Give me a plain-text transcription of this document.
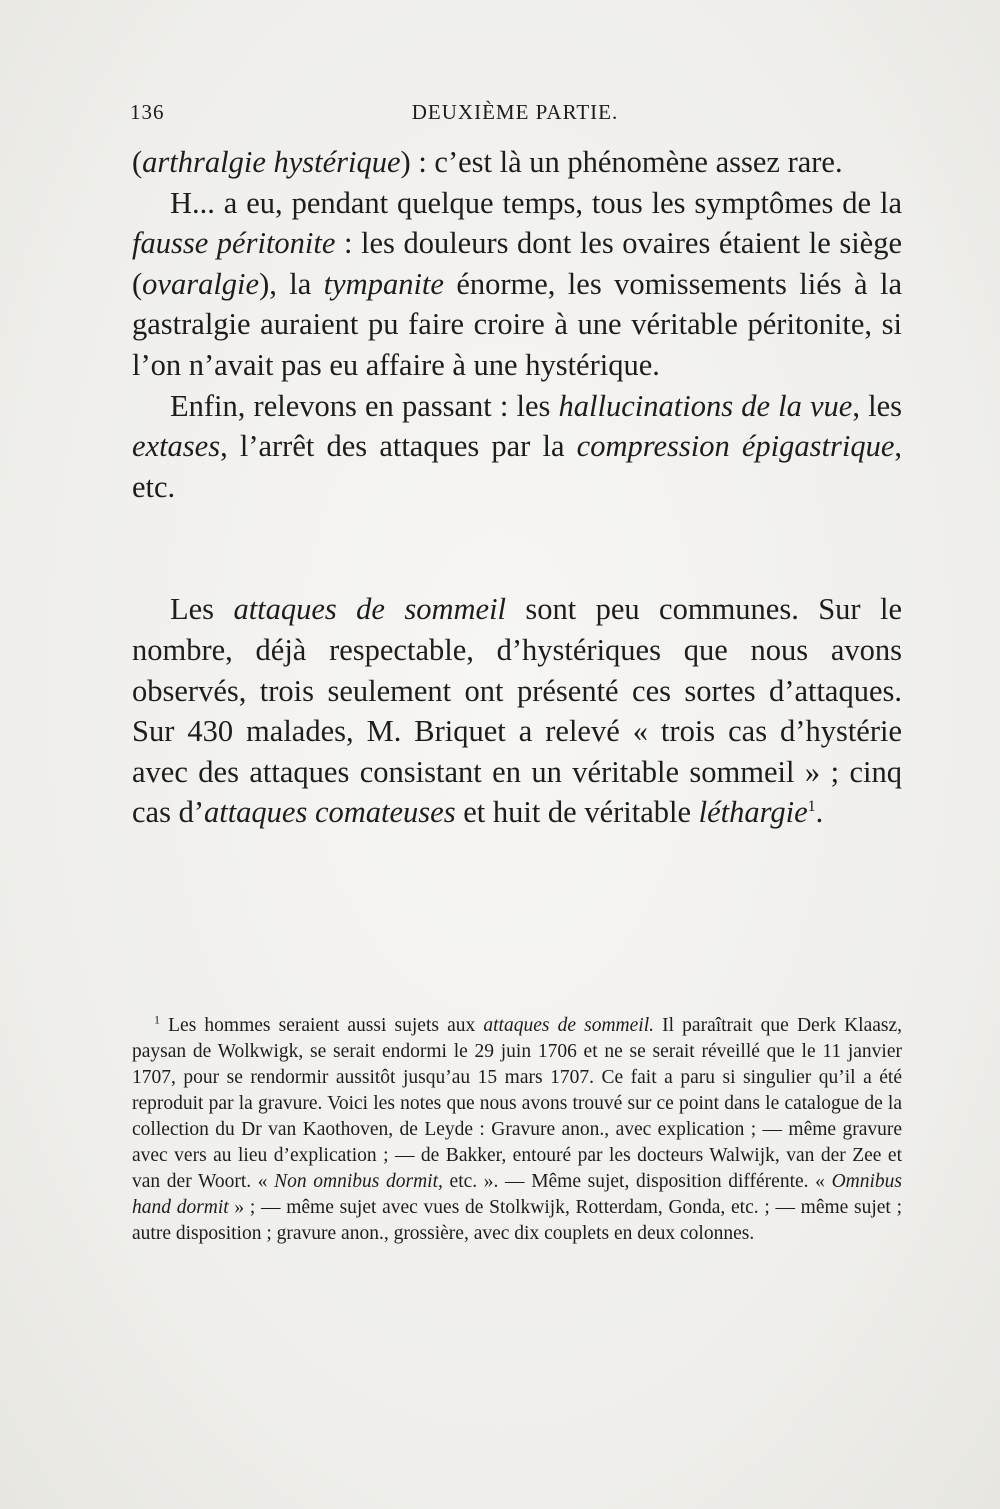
136	DEUXIÈME PARTIE.

(arthralgie hystérique) : c’est là un phénomène assez rare.

H... a eu, pendant quelque temps, tous les symptômes de la fausse péritonite : les douleurs dont les ovaires étaient le siège (ovaralgie), la tympanite énorme, les vomissements liés à la gastralgie auraient pu faire croire à une véritable péritonite, si l’on n’avait pas eu affaire à une hystérique.

Enfin, relevons en passant : les hallucinations de la vue, les extases, l’arrêt des attaques par la compression épigastrique, etc.

Les attaques de sommeil sont peu communes. Sur le nombre, déjà respectable, d’hystériques que nous avons observés, trois seulement ont présenté ces sortes d’attaques. Sur 430 malades, M. Briquet a relevé « trois cas d’hystérie avec des attaques consistant en un véritable sommeil » ; cinq cas d’attaques comateuses et huit de véritable léthargie$^1$.

$^1$ Les hommes seraient aussi sujets aux attaques de sommeil. Il paraîtrait que Derk Klaasz, paysan de Wolkwigk, se serait endormi le 29 juin 1706 et ne se serait réveillé que le 11 janvier 1707, pour se rendormir aussitôt jusqu’au 15 mars 1707. Ce fait a paru si singulier qu’il a été reproduit par la gravure. Voici les notes que nous avons trouvé sur ce point dans le catalogue de la collection du Dr van Kaothoven, de Leyde : Gravure anon., avec explication ; — même gravure avec vers au lieu d’explication ; — de Bakker, entouré par les docteurs Walwijk, van der Zee et van der Woort. « Non omnibus dormit, etc. ». — Même sujet, disposition différente. « Omnibus hand dormit » ; — même sujet avec vues de Stolkwijk, Rotterdam, Gonda, etc. ; — même sujet ; autre disposition ; gravure anon., grossière, avec dix couplets en deux colonnes.
